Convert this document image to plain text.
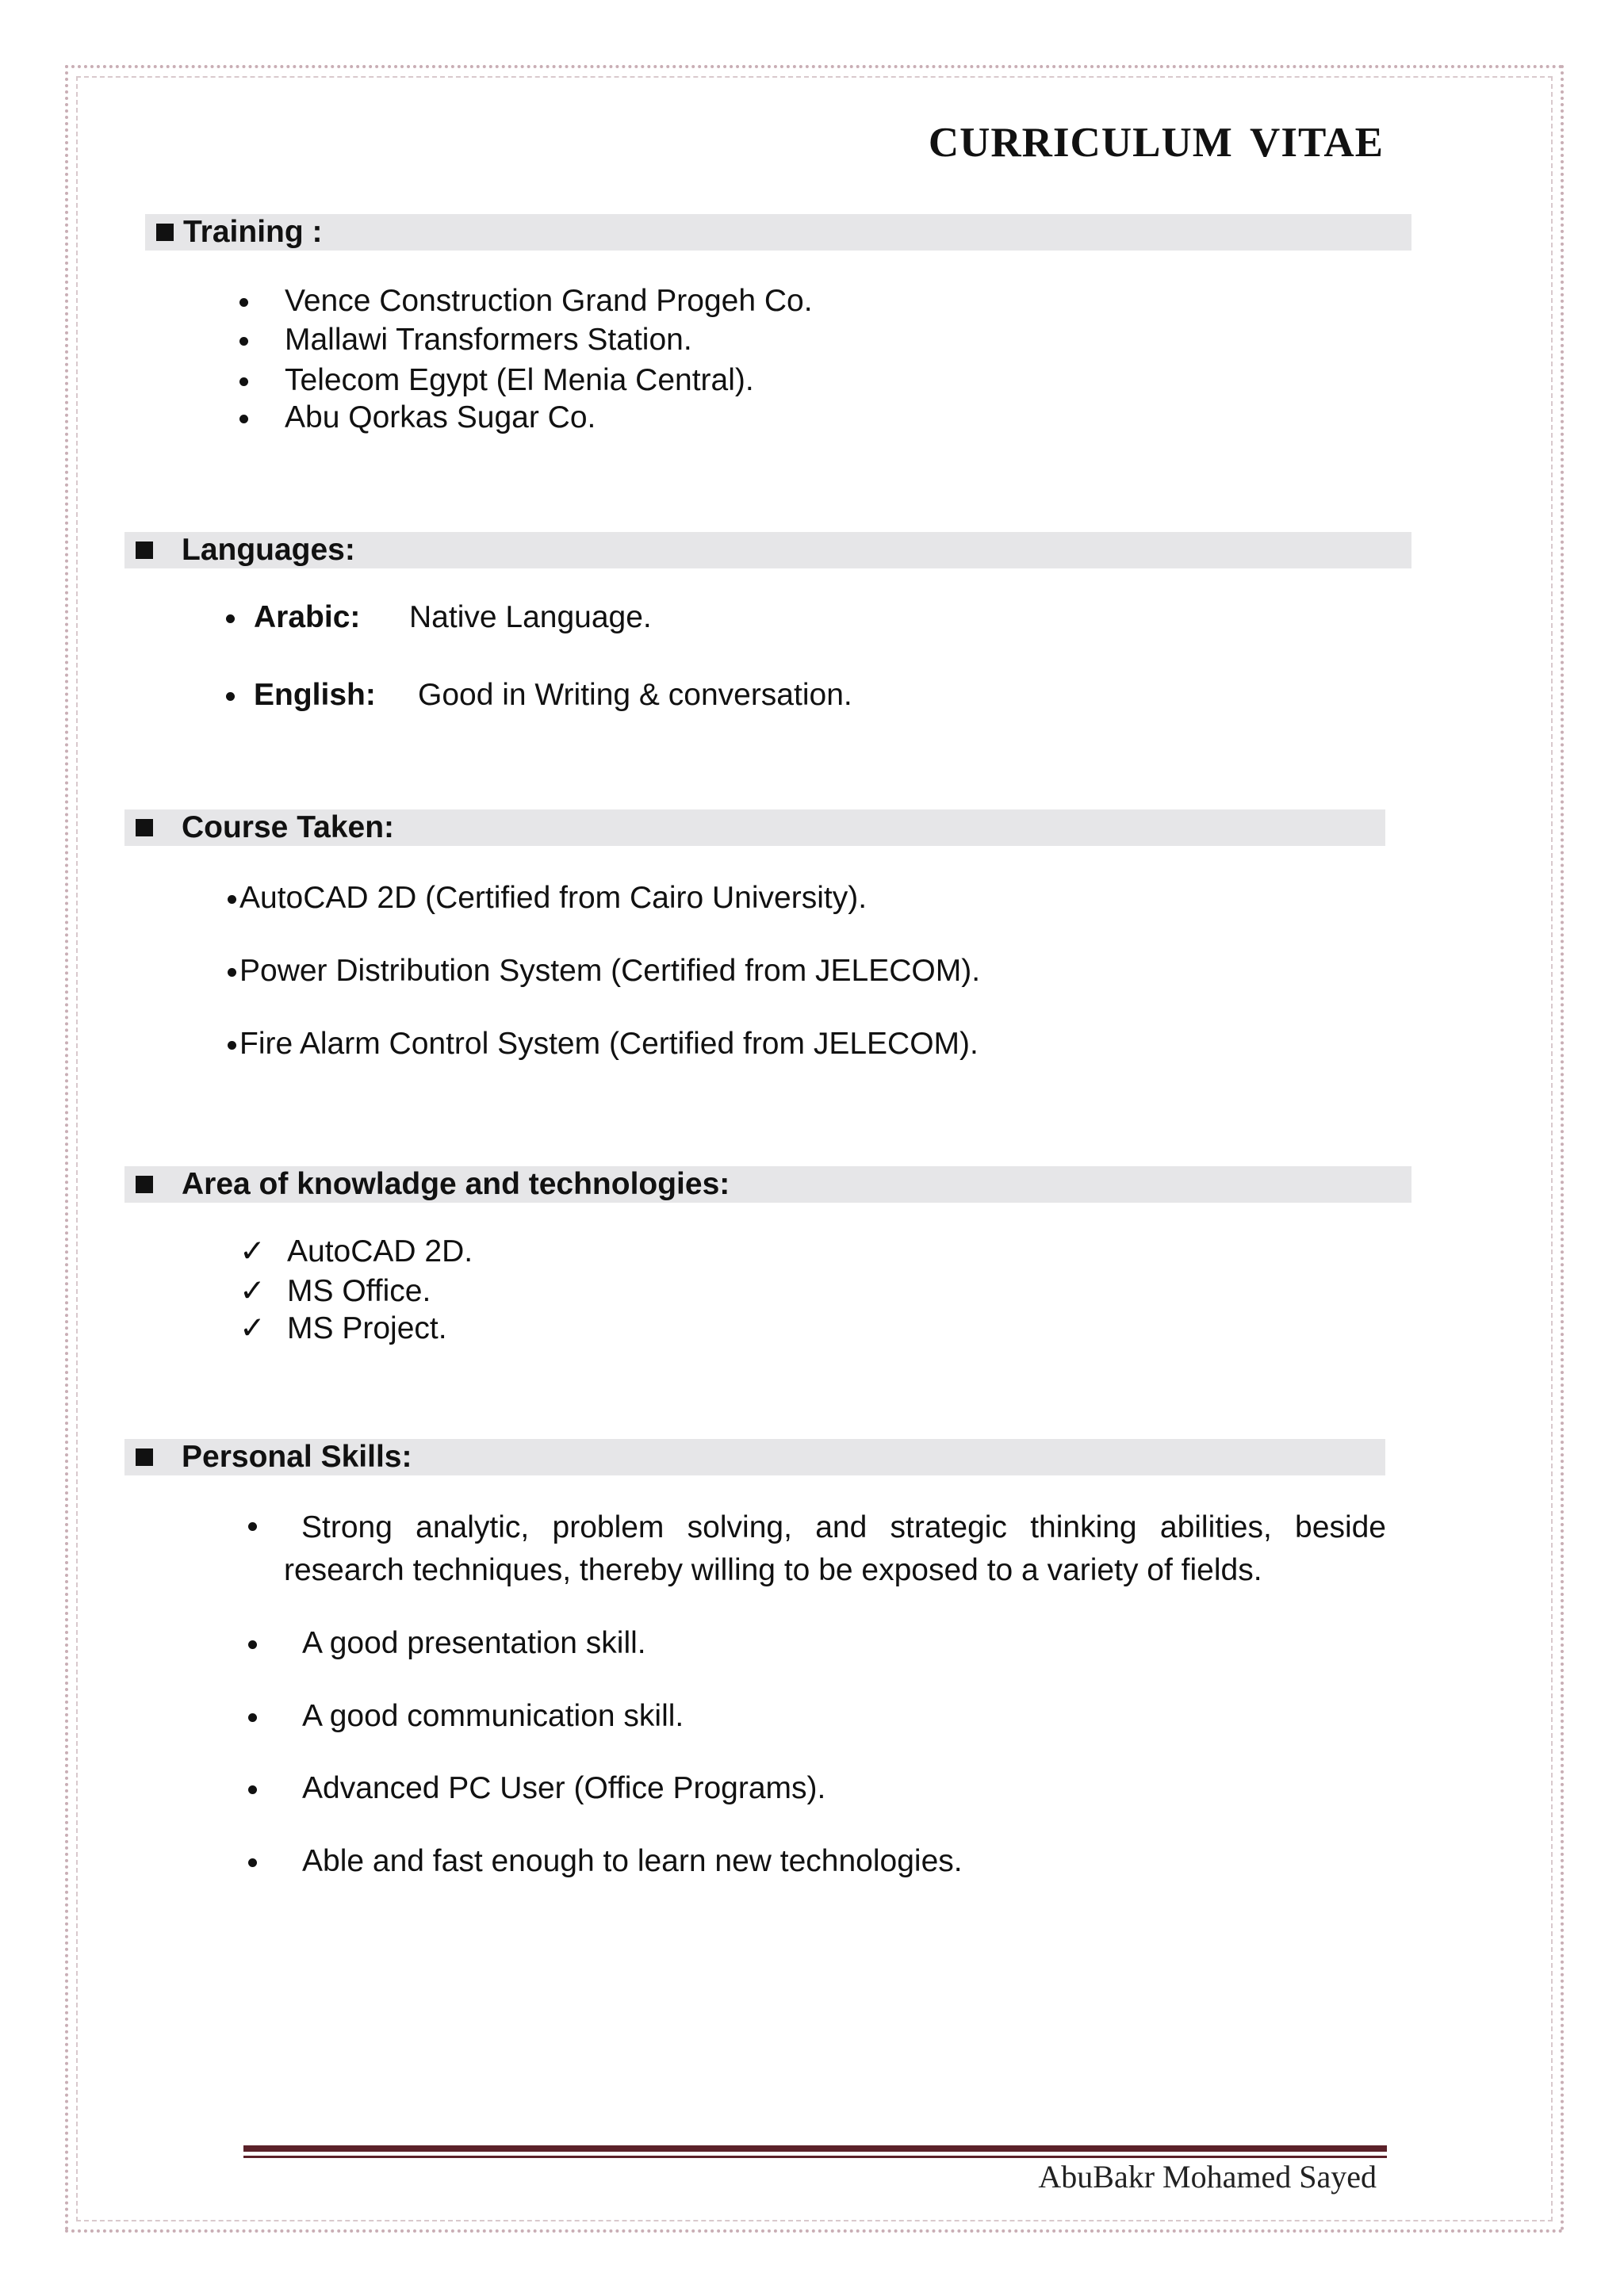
CURRICULUM VITAE
Training :
Vence Construction Grand Progeh Co.
Mallawi Transformers Station.
Telecom Egypt (El Menia Central).
Abu Qorkas Sugar Co.
Languages:
Arabic: Native Language.
English: Good in Writing & conversation.
Course Taken:
AutoCAD 2D (Certified from Cairo University).
Power Distribution System (Certified from JELECOM).
Fire Alarm Control System (Certified from JELECOM).
Area of knowladge and technologies:
✓ AutoCAD 2D.
✓ MS Office.
✓ MS Project.
Personal Skills:
Strong analytic, problem solving, and strategic thinking abilities, beside research techniques, thereby willing to be exposed to a variety of fields.
A good presentation skill.
A good communication skill.
Advanced PC User (Office Programs).
Able and fast enough to learn new technologies.
AbuBakr Mohamed Sayed
